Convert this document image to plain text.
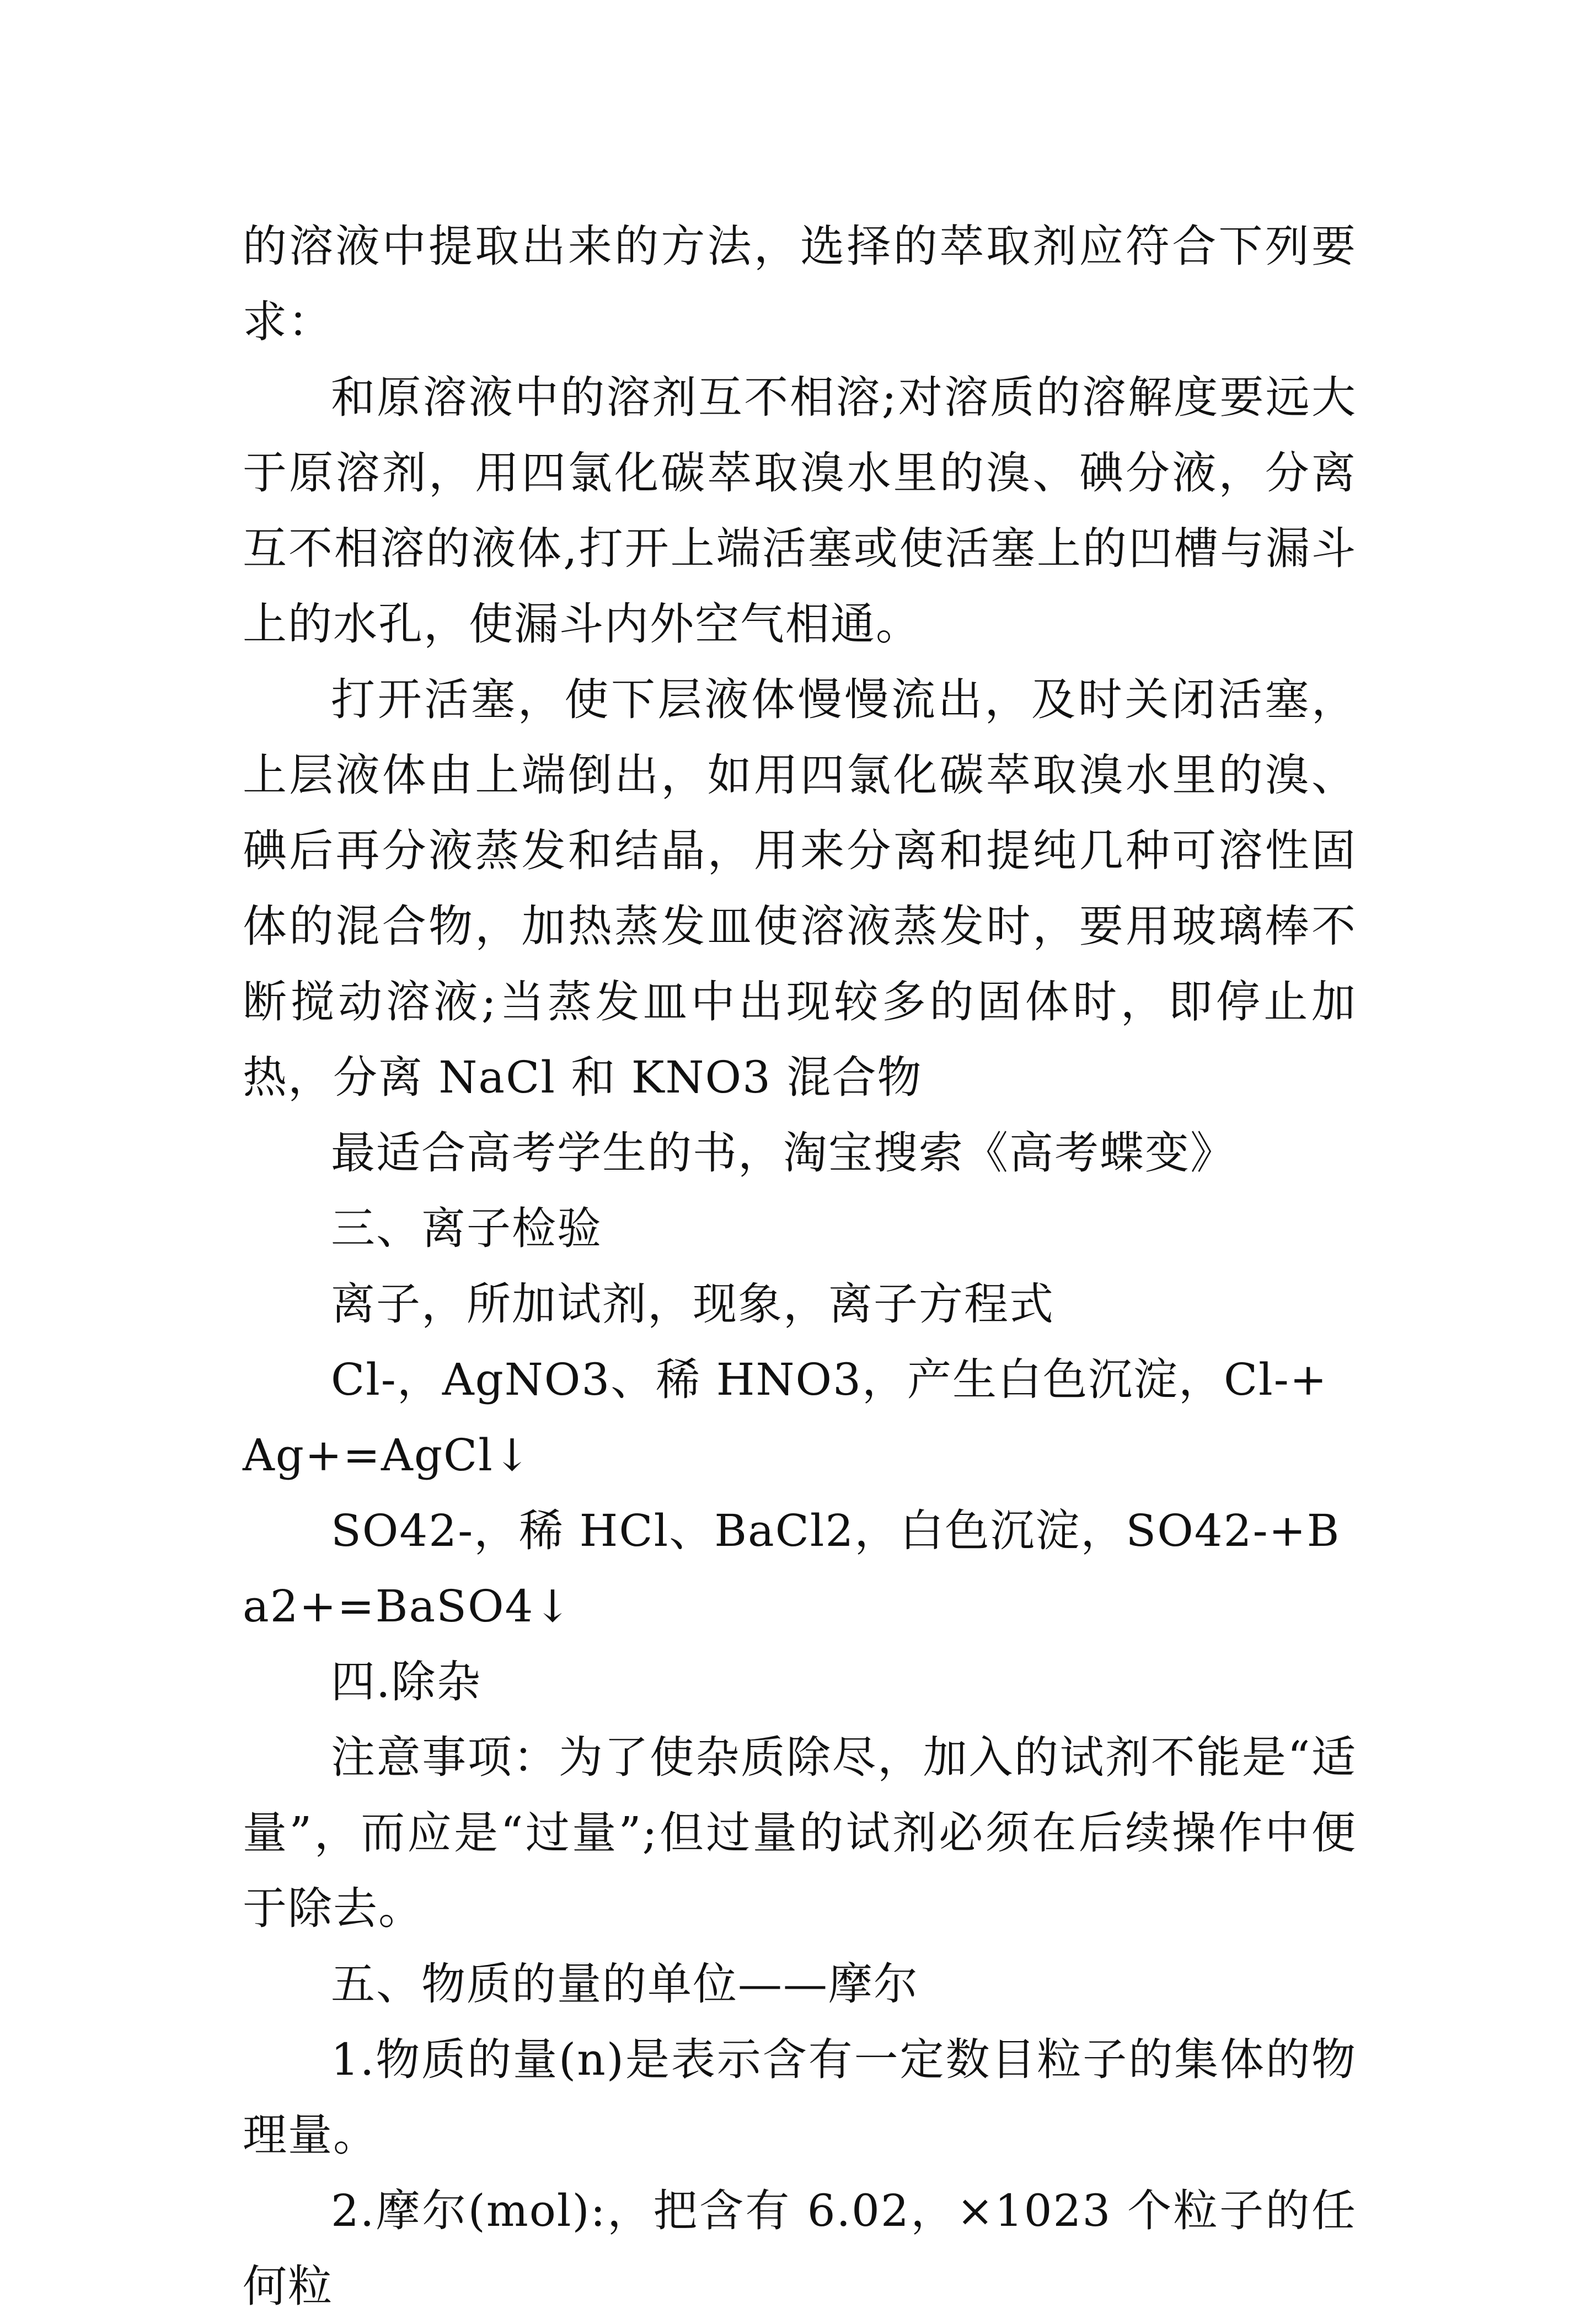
的溶液中提取出来的方法，选择的萃取剂应符合下列要求：

和原溶液中的溶剂互不相溶;对溶质的溶解度要远大于原溶剂，用四氯化碳萃取溴水里的溴、碘分液，分离互不相溶的液体,打开上端活塞或使活塞上的凹槽与漏斗上的水孔，使漏斗内外空气相通。

打开活塞，使下层液体慢慢流出，及时关闭活塞，上层液体由上端倒出，如用四氯化碳萃取溴水里的溴、碘后再分液蒸发和结晶，用来分离和提纯几种可溶性固体的混合物，加热蒸发皿使溶液蒸发时，要用玻璃棒不断搅动溶液;当蒸发皿中出现较多的固体时，即停止加热，分离 NaCl 和 KNO3 混合物

最适合高考学生的书，淘宝搜索《高考蝶变》

三、离子检验

离子，所加试剂，现象，离子方程式

Cl-，AgNO3、稀 HNO3，产生白色沉淀，Cl-+Ag+=AgCl↓

SO42-，稀 HCl、BaCl2，白色沉淀，SO42-+Ba2+=BaSO4↓

四.除杂

注意事项：为了使杂质除尽，加入的试剂不能是“适量”，而应是“过量”;但过量的试剂必须在后续操作中便于除去。

五、物质的量的单位——摩尔

1.物质的量(n)是表示含有一定数目粒子的集体的物理量。

2.摩尔(mol):，把含有 6.02，×1023 个粒子的任何粒
